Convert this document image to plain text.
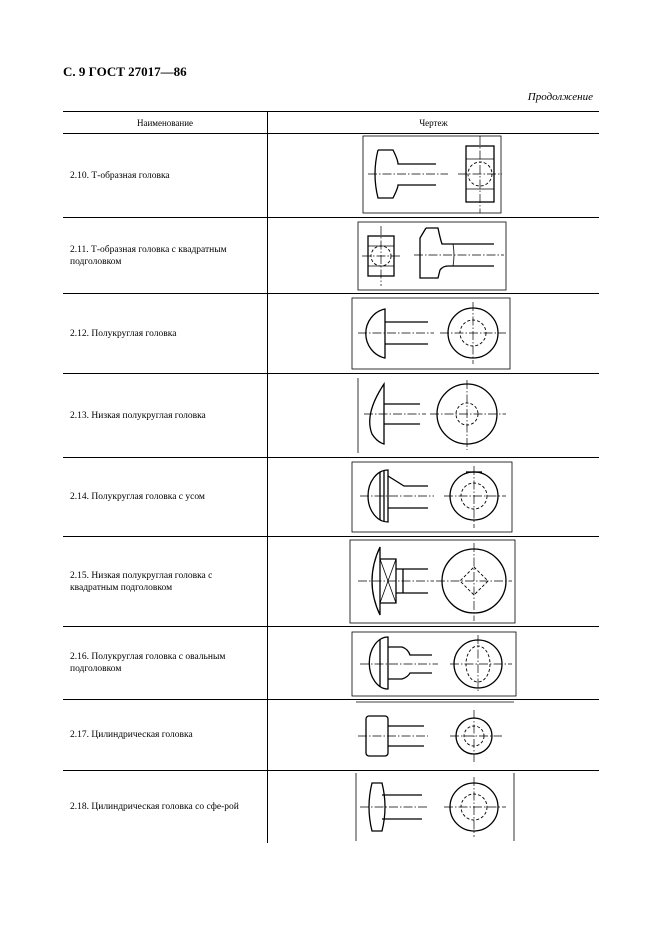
С. 9 ГОСТ 27017—86
Продолжение
Наименование	Чертеж
2.10. Т-образная головка
2.11. Т-образная головка с квадратным подголовком
2.12. Полукруглая головка
2.13. Низкая полукруглая головка
2.14. Полукруглая головка с усом
2.15. Низкая полукруглая головка с квадратным подголовком
2.16. Полукруглая головка с овальным подголовком
2.17. Цилиндрическая головка
2.18. Цилиндрическая головка со сфе-рой
